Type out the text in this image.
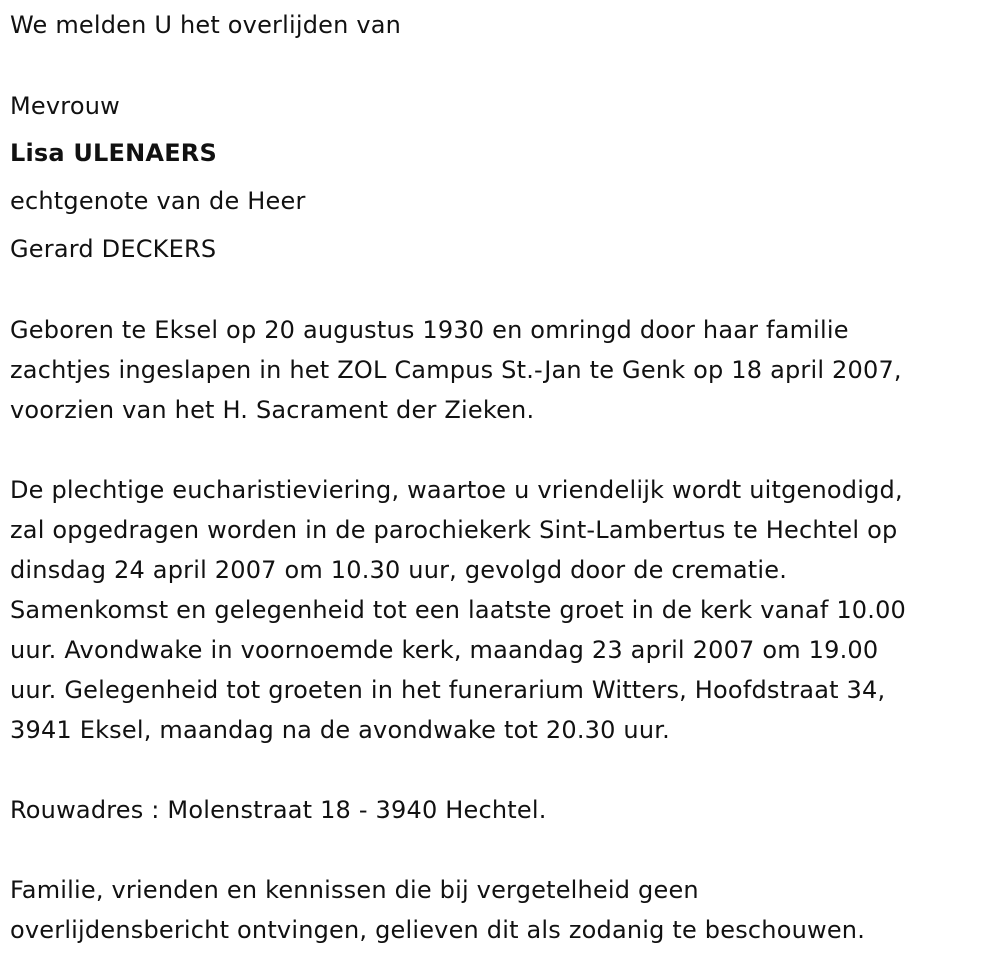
We melden U het overlijden van
Mevrouw
Lisa ULENAERS
echtgenote van de Heer
Gerard DECKERS
Geboren te Eksel op 20 augustus 1930 en omringd door haar familie
zachtjes ingeslapen in het ZOL Campus St.-Jan te Genk op 18 april 2007,
voorzien van het H. Sacrament der Zieken.
De plechtige eucharistieviering, waartoe u vriendelijk wordt uitgenodigd,
zal opgedragen worden in de parochiekerk Sint-Lambertus te Hechtel op
dinsdag 24 april 2007 om 10.30 uur, gevolgd door de crematie.
Samenkomst en gelegenheid tot een laatste groet in de kerk vanaf 10.00
uur. Avondwake in voornoemde kerk, maandag 23 april 2007 om 19.00
uur. Gelegenheid tot groeten in het funerarium Witters, Hoofdstraat 34,
3941 Eksel, maandag na de avondwake tot 20.30 uur.
Rouwadres : Molenstraat 18 - 3940 Hechtel.
Familie, vrienden en kennissen die bij vergetelheid geen
overlijdensbericht ontvingen, gelieven dit als zodanig te beschouwen.
